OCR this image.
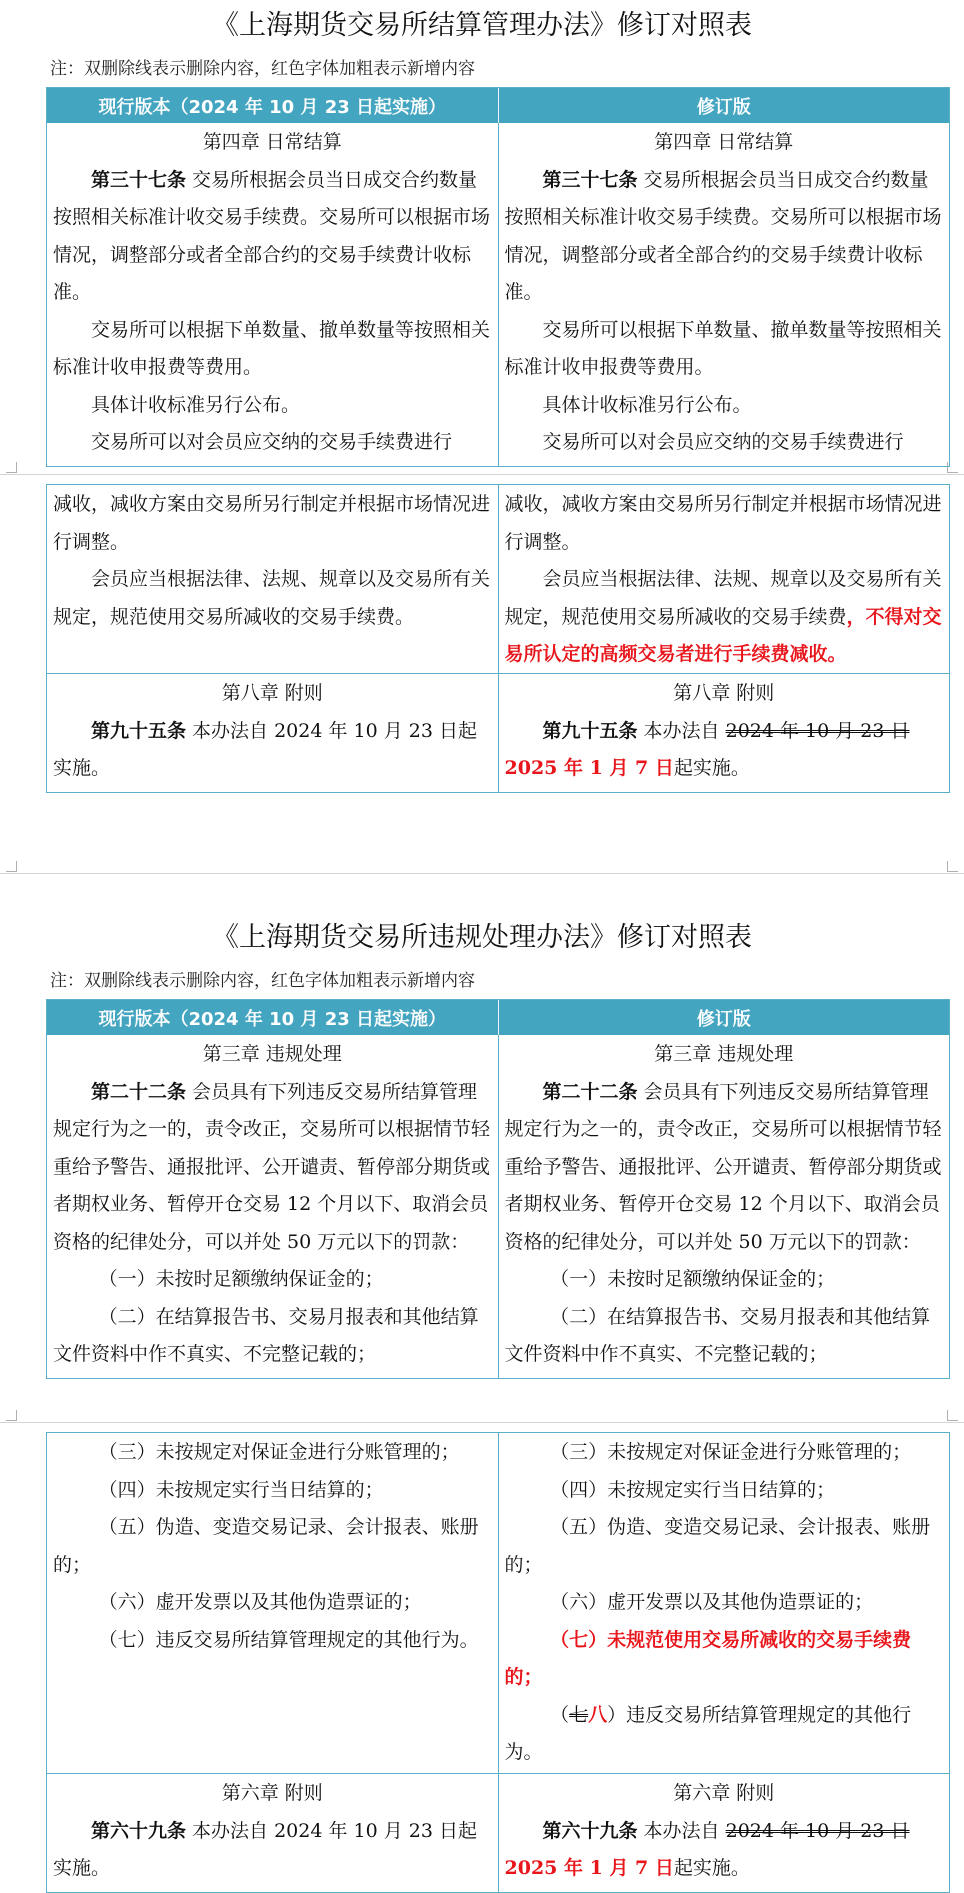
《上海期货交易所结算管理办法》修订对照表
注：双删除线表示删除内容，红色字体加粗表示新增内容
现行版本（2024 年 10 月 23 日起实施）	修订版
第四章 日常结算

第三十七条 交易所根据会员当日成交合约数量按照相关标准计收交易手续费。交易所可以根据市场情况，调整部分或者全部合约的交易手续费计收标准。

交易所可以根据下单数量、撤单数量等按照相关标准计收申报费等费用。

具体计收标准另行公布。

交易所可以对会员应交纳的交易手续费进行

第四章 日常结算

第三十七条 交易所根据会员当日成交合约数量按照相关标准计收交易手续费。交易所可以根据市场情况，调整部分或者全部合约的交易手续费计收标准。

交易所可以根据下单数量、撤单数量等按照相关标准计收申报费等费用。

具体计收标准另行公布。

交易所可以对会员应交纳的交易手续费进行

减收，减收方案由交易所另行制定并根据市场情况进行调整。

会员应当根据法律、法规、规章以及交易所有关规定，规范使用交易所减收的交易手续费。

减收，减收方案由交易所另行制定并根据市场情况进行调整。

会员应当根据法律、法规、规章以及交易所有关规定，规范使用交易所减收的交易手续费，不得对交易所认定的高频交易者进行手续费减收。

第八章 附则

第九十五条 本办法自 2024 年 10 月 23 日起实施。

第八章 附则

第九十五条 本办法自 2024 年 10 月 23 日2025 年 1 月 7 日起实施。

《上海期货交易所违规处理办法》修订对照表
注：双删除线表示删除内容，红色字体加粗表示新增内容
现行版本（2024 年 10 月 23 日起实施）	修订版
第三章 违规处理

第二十二条 会员具有下列违反交易所结算管理规定行为之一的，责令改正，交易所可以根据情节轻重给予警告、通报批评、公开谴责、暂停部分期货或者期权业务、暂停开仓交易 12 个月以下、取消会员资格的纪律处分，可以并处 50 万元以下的罚款：

（一）未按时足额缴纳保证金的；

（二）在结算报告书、交易月报表和其他结算文件资料中作不真实、不完整记载的；

第三章 违规处理

第二十二条 会员具有下列违反交易所结算管理规定行为之一的，责令改正，交易所可以根据情节轻重给予警告、通报批评、公开谴责、暂停部分期货或者期权业务、暂停开仓交易 12 个月以下、取消会员资格的纪律处分，可以并处 50 万元以下的罚款：

（一）未按时足额缴纳保证金的；

（二）在结算报告书、交易月报表和其他结算文件资料中作不真实、不完整记载的；

（三）未按规定对保证金进行分账管理的；

（四）未按规定实行当日结算的；

（五）伪造、变造交易记录、会计报表、账册的；

（六）虚开发票以及其他伪造票证的；

（七）违反交易所结算管理规定的其他行为。

（三）未按规定对保证金进行分账管理的；

（四）未按规定实行当日结算的；

（五）伪造、变造交易记录、会计报表、账册的；

（六）虚开发票以及其他伪造票证的；

（七）未规范使用交易所减收的交易手续费的；

（七八）违反交易所结算管理规定的其他行为。

第六章 附则

第六十九条 本办法自 2024 年 10 月 23 日起实施。

第六章 附则

第六十九条 本办法自 2024 年 10 月 23 日2025 年 1 月 7 日起实施。
